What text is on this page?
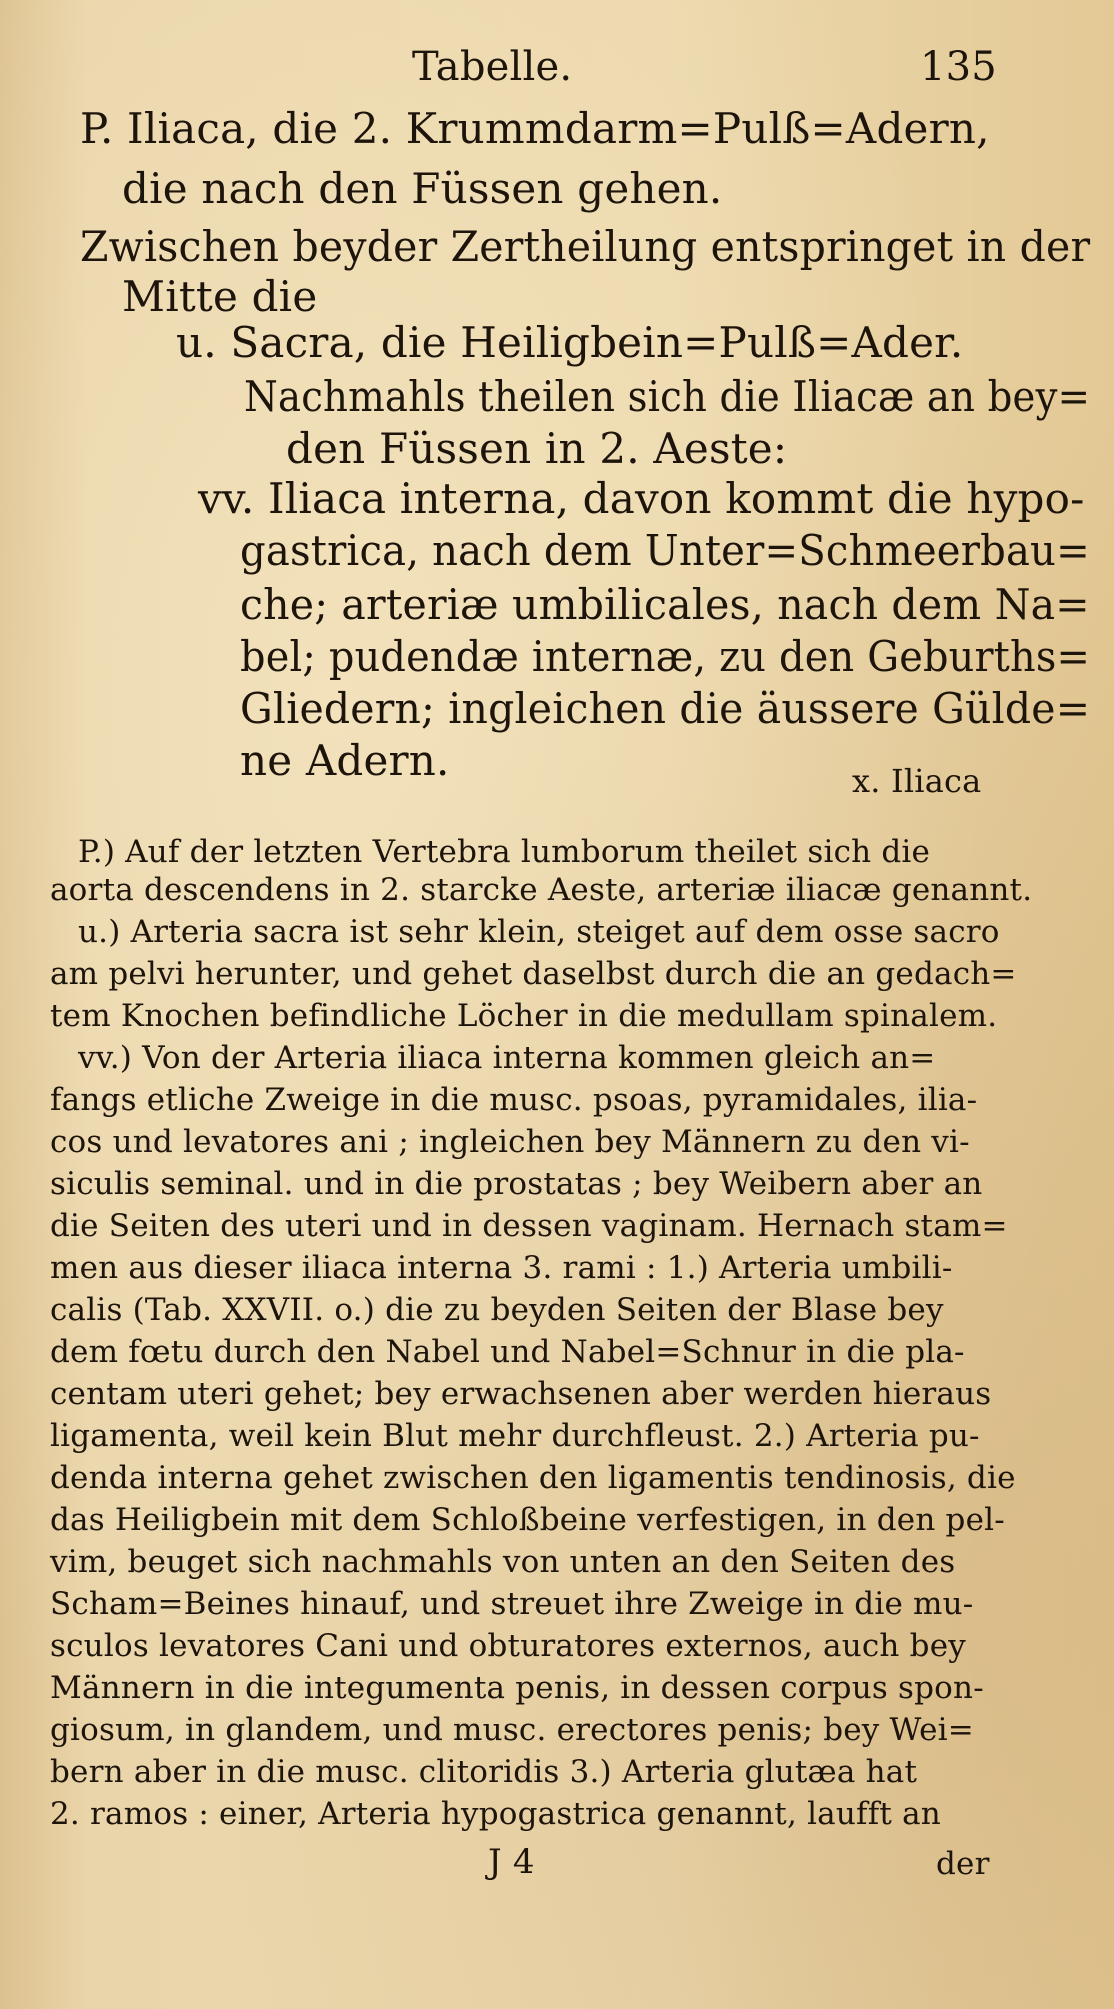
Tabelle.	135
P. Iliaca, die 2. Krummdarm=Pulß=Adern,
die nach den Füssen gehen.
Zwischen beyder Zertheilung entspringet in der
Mitte die
u. Sacra, die Heiligbein=Pulß=Ader.
Nachmahls theilen sich die Iliacæ an bey=
den Füssen in 2. Aeste:
vv. Iliaca interna, davon kommt die hypo-
gastrica, nach dem Unter=Schmeerbau=
che; arteriæ umbilicales, nach dem Na=
bel; pudendæ internæ, zu den Geburths=
Gliedern; ingleichen die äussere Gülde=
ne Adern.	x. Iliaca
P.) Auf der letzten Vertebra lumborum theilet sich die
aorta descendens in 2. starcke Aeste, arteriæ iliacæ genannt.
u.) Arteria sacra ist sehr klein, steiget auf dem osse sacro
am pelvi herunter, und gehet daselbst durch die an gedach=
tem Knochen befindliche Löcher in die medullam spinalem.
vv.) Von der Arteria iliaca interna kommen gleich an=
fangs etliche Zweige in die musc. psoas, pyramidales, ilia-
cos und levatores ani ; ingleichen bey Männern zu den vi-
siculis seminal. und in die prostatas ; bey Weibern aber an
die Seiten des uteri und in dessen vaginam. Hernach stam=
men aus dieser iliaca interna 3. rami : 1.) Arteria umbili-
calis (Tab. XXVII. o.) die zu beyden Seiten der Blase bey
dem fœtu durch den Nabel und Nabel=Schnur in die pla-
centam uteri gehet; bey erwachsenen aber werden hieraus
ligamenta, weil kein Blut mehr durchfleust. 2.) Arteria pu-
denda interna gehet zwischen den ligamentis tendinosis, die
das Heiligbein mit dem Schloßbeine verfestigen, in den pel-
vim, beuget sich nachmahls von unten an den Seiten des
Scham=Beines hinauf, und streuet ihre Zweige in die mu-
sculos levatores Cani und obturatores externos, auch bey
Männern in die integumenta penis, in dessen corpus spon-
giosum, in glandem, und musc. erectores penis; bey Wei=
bern aber in die musc. clitoridis 3.) Arteria glutæa hat
2. ramos : einer, Arteria hypogastrica genannt, laufft an
J 4	der
